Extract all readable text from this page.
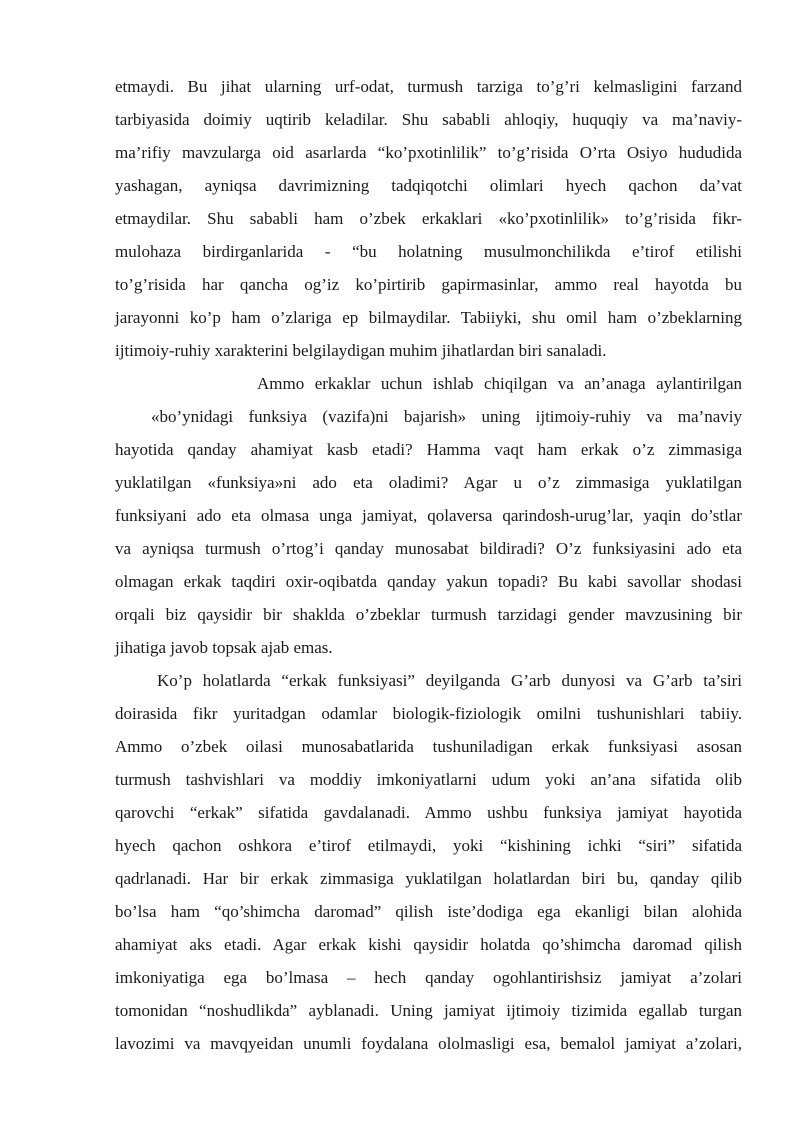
etmaydi. Bu jihat ularning urf-odat, turmush tarziga to’g’ri kelmasligini farzand
tarbiyasida doimiy uqtirib keladilar. Shu sababli ahloqiy, huquqiy va ma’naviy-
ma’rifiy mavzularga oid asarlarda “ko’pxotinlilik” to’g’risida O’rta Osiyo hududida
yashagan, ayniqsa davrimizning tadqiqotchi olimlari hyech qachon da’vat
etmaydilar. Shu sababli ham o’zbek erkaklari «ko’pxotinlilik» to’g’risida fikr-
mulohaza birdirganlarida - “bu holatning musulmonchilikda e’tirof etilishi
to’g’risida har qancha og’iz ko’pirtirib gapirmasinlar, ammo real hayotda bu
jarayonni ko’p ham o’zlariga ep bilmaydilar. Tabiiyki, shu omil ham o’zbeklarning
ijtimoiy-ruhiy xarakterini belgilaydigan muhim jihatlardan biri sanaladi.
Ammo erkaklar uchun ishlab chiqilgan va an’anaga aylantirilgan
«bo’ynidagi funksiya (vazifa)ni bajarish» uning ijtimoiy-ruhiy va ma’naviy
hayotida qanday ahamiyat kasb etadi? Hamma vaqt ham erkak o’z zimmasiga
yuklatilgan «funksiya»ni ado eta oladimi? Agar u o’z zimmasiga yuklatilgan
funksiyani ado eta olmasa unga jamiyat, qolaversa qarindosh-urug’lar, yaqin do’stlar
va ayniqsa turmush o’rtog’i qanday munosabat bildiradi? O’z funksiyasini ado eta
olmagan erkak taqdiri oxir-oqibatda qanday yakun topadi? Bu kabi savollar shodasi
orqali biz qaysidir bir shaklda o’zbeklar turmush tarzidagi gender mavzusining bir
jihatiga javob topsak ajab emas.
Ko’p holatlarda “erkak funksiyasi” deyilganda G’arb dunyosi va G’arb ta’siri
doirasida fikr yuritadgan odamlar biologik-fiziologik omilni tushunishlari tabiiy.
Ammo o’zbek oilasi munosabatlarida tushuniladigan erkak funksiyasi asosan
turmush tashvishlari va moddiy imkoniyatlarni udum yoki an’ana sifatida olib
qarovchi “erkak” sifatida gavdalanadi. Ammo ushbu funksiya jamiyat hayotida
hyech qachon oshkora e’tirof etilmaydi, yoki “kishining ichki “siri” sifatida
qadrlanadi. Har bir erkak zimmasiga yuklatilgan holatlardan biri bu, qanday qilib
bo’lsa ham “qo’shimcha daromad” qilish iste’dodiga ega ekanligi bilan alohida
ahamiyat aks etadi. Agar erkak kishi qaysidir holatda qo’shimcha daromad qilish
imkoniyatiga ega bo’lmasa – hech qanday ogohlantirishsiz jamiyat a’zolari
tomonidan “noshudlikda” ayblanadi. Uning jamiyat ijtimoiy tizimida egallab turgan
lavozimi va mavqyeidan unumli foydalana ololmasligi esa, bemalol jamiyat a’zolari,
